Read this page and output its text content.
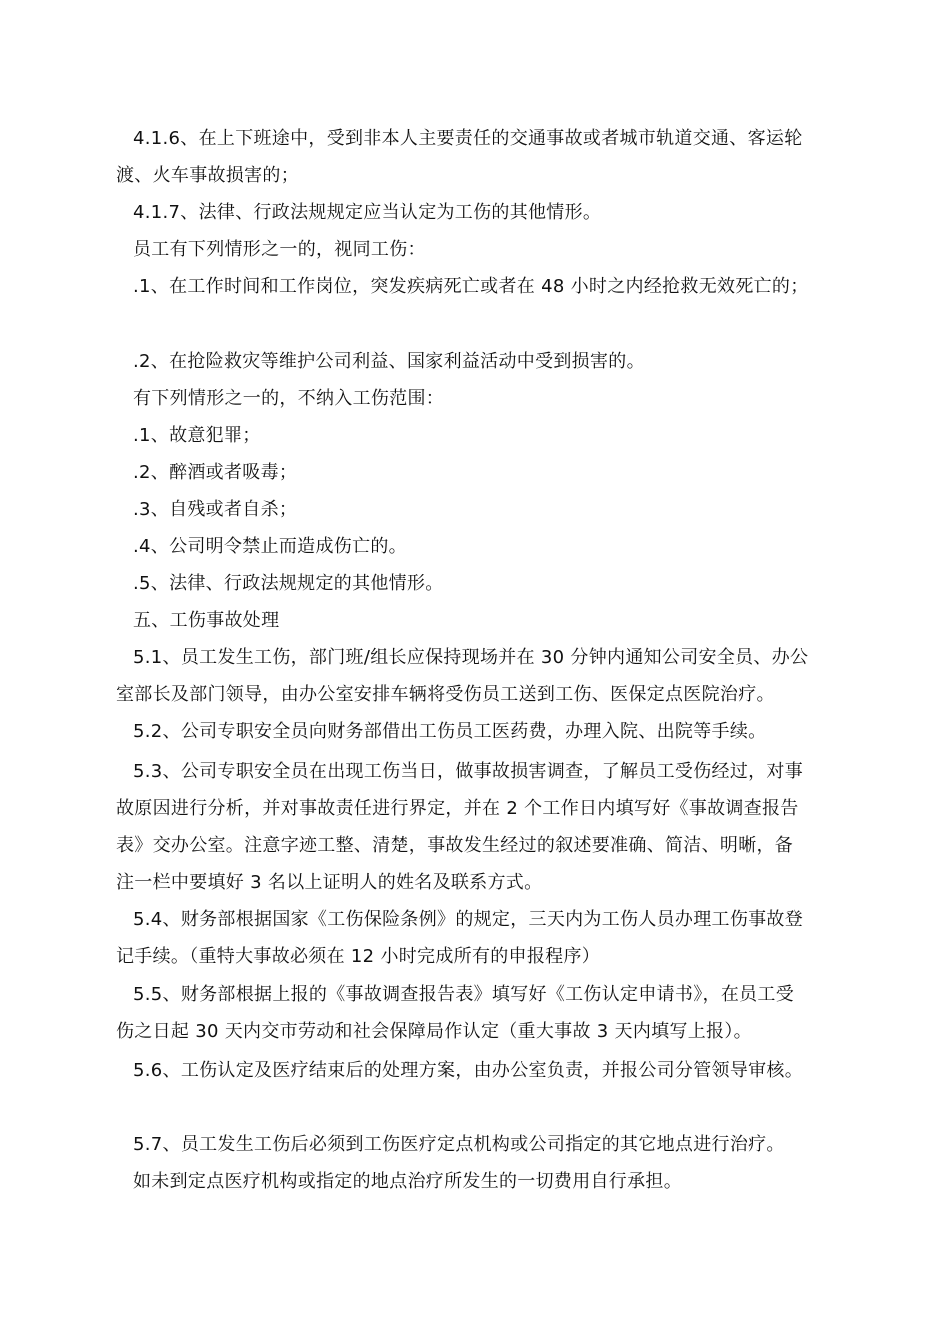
4.1.6、在上下班途中，受到非本人主要责任的交通事故或者城市轨道交通、客运轮
渡、火车事故损害的；
4.1.7、法律、行政法规规定应当认定为工伤的其他情形。
员工有下列情形之一的，视同工伤：
.1、在工作时间和工作岗位，突发疾病死亡或者在 48 小时之内经抢救无效死亡的；
.2、在抢险救灾等维护公司利益、国家利益活动中受到损害的。
有下列情形之一的，不纳入工伤范围：
.1、故意犯罪；
.2、醉酒或者吸毒；
.3、自残或者自杀；
.4、公司明令禁止而造成伤亡的。
.5、法律、行政法规规定的其他情形。
五、工伤事故处理
5.1、员工发生工伤，部门班/组长应保持现场并在 30 分钟内通知公司安全员、办公
室部长及部门领导，由办公室安排车辆将受伤员工送到工伤、医保定点医院治疗。
5.2、公司专职安全员向财务部借出工伤员工医药费，办理入院、出院等手续。
5.3、公司专职安全员在出现工伤当日，做事故损害调查，了解员工受伤经过，对事
故原因进行分析，并对事故责任进行界定，并在 2 个工作日内填写好《事故调查报告
表》交办公室。注意字迹工整、清楚，事故发生经过的叙述要准确、简洁、明晰，备
注一栏中要填好 3 名以上证明人的姓名及联系方式。
5.4、财务部根据国家《工伤保险条例》的规定，三天内为工伤人员办理工伤事故登
记手续。（重特大事故必须在 12 小时完成所有的申报程序）
5.5、财务部根据上报的《事故调查报告表》填写好《工伤认定申请书》，在员工受
伤之日起 30 天内交市劳动和社会保障局作认定（重大事故 3 天内填写上报）。
5.6、工伤认定及医疗结束后的处理方案，由办公室负责，并报公司分管领导审核。
5.7、员工发生工伤后必须到工伤医疗定点机构或公司指定的其它地点进行治疗。
如未到定点医疗机构或指定的地点治疗所发生的一切费用自行承担。
